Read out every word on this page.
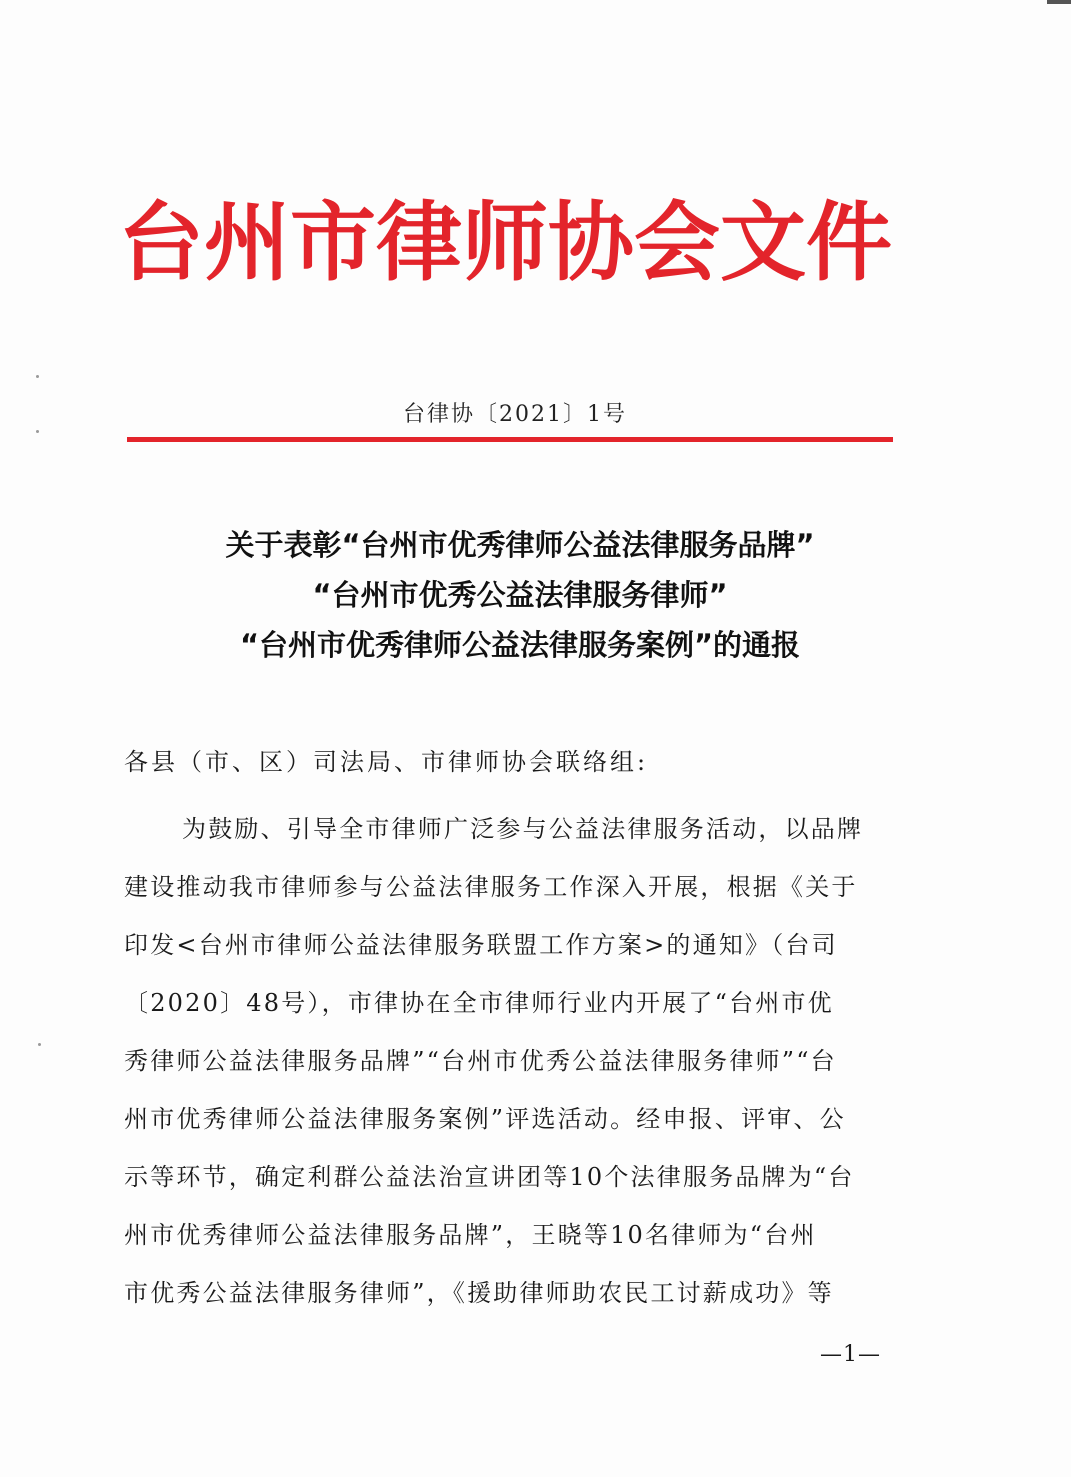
台州市律师协会文件
台律协〔2021〕1号
关于表彰“台州市优秀律师公益法律服务品牌”
“台州市优秀公益法律服务律师”
“台州市优秀律师公益法律服务案例”的通报
各县（市、区）司法局、市律师协会联络组:
为鼓励、引导全市律师广泛参与公益法律服务活动，以品牌
建设推动我市律师参与公益法律服务工作深入开展，根据《关于
印发<台州市律师公益法律服务联盟工作方案>的通知》（台司
〔2020〕48号），市律协在全市律师行业内开展了“台州市优
秀律师公益法律服务品牌”“台州市优秀公益法律服务律师”“台
州市优秀律师公益法律服务案例”评选活动。经申报、评审、公
示等环节，确定利群公益法治宣讲团等10个法律服务品牌为“台
州市优秀律师公益法律服务品牌”，王晓等10名律师为“台州
市优秀公益法律服务律师”，《援助律师助农民工讨薪成功》等
—1—
